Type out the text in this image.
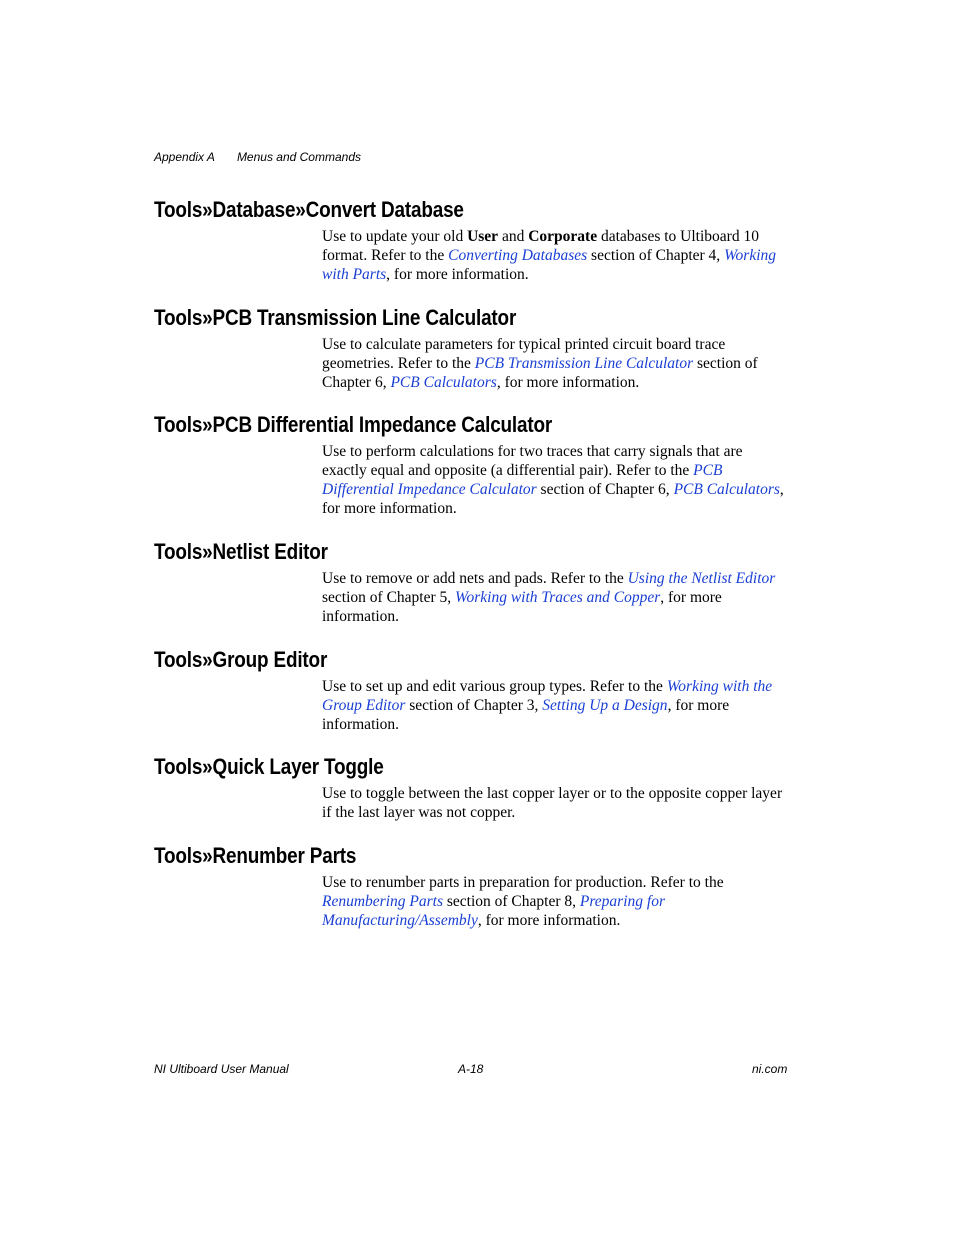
Appendix A Menus and Commands
Tools»Database»Convert Database

Use to update your old User and Corporate databases to Ultiboard 10 format. Refer to the Converting Databases section of Chapter 4, Working with Parts, for more information.

Tools»PCB Transmission Line Calculator

Use to calculate parameters for typical printed circuit board trace geometries. Refer to the PCB Transmission Line Calculator section of Chapter 6, PCB Calculators, for more information.

Tools»PCB Differential Impedance Calculator

Use to perform calculations for two traces that carry signals that are exactly equal and opposite (a differential pair). Refer to the PCB Differential Impedance Calculator section of Chapter 6, PCB Calculators, for more information.

Tools»Netlist Editor

Use to remove or add nets and pads. Refer to the Using the Netlist Editor section of Chapter 5, Working with Traces and Copper, for more information.

Tools»Group Editor

Use to set up and edit various group types. Refer to the Working with the Group Editor section of Chapter 3, Setting Up a Design, for more information.

Tools»Quick Layer Toggle

Use to toggle between the last copper layer or to the opposite copper layer if the last layer was not copper.

Tools»Renumber Parts

Use to renumber parts in preparation for production. Refer to the Renumbering Parts section of Chapter 8, Preparing for Manufacturing/Assembly, for more information.

NI Ultiboard User Manual	A-18	ni.com
